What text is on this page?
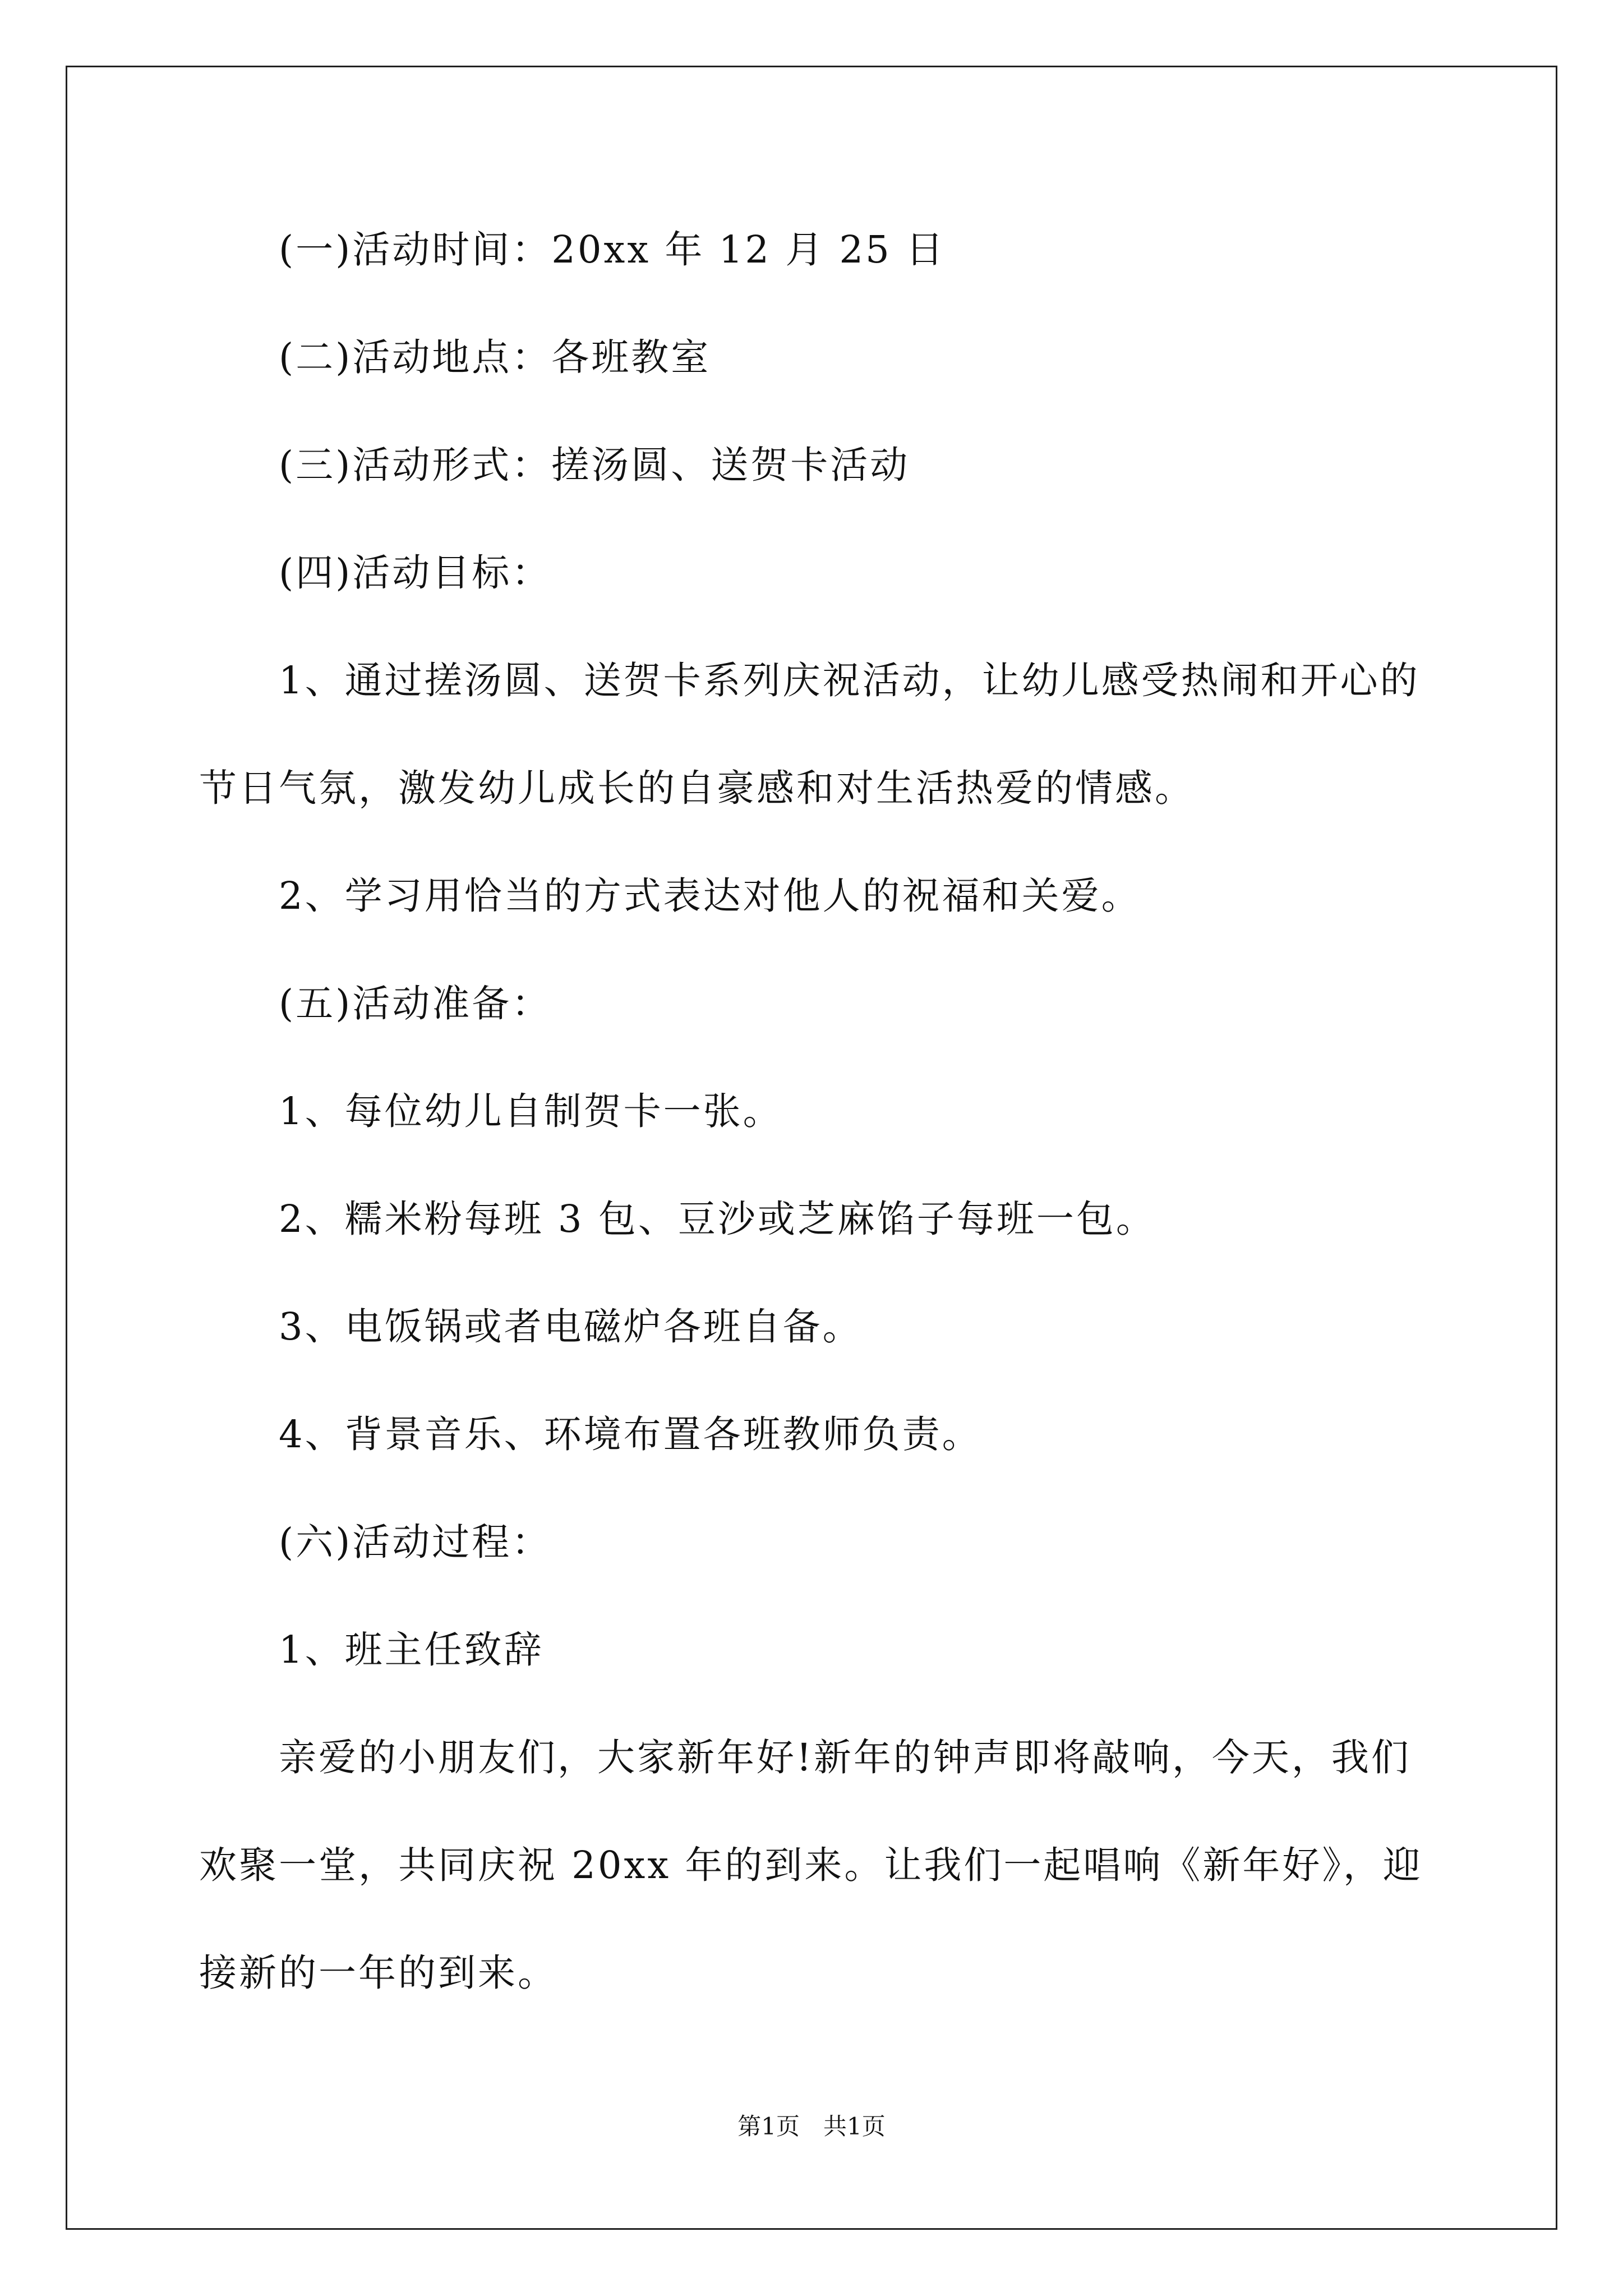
(一)活动时间：20xx 年 12 月 25 日
(二)活动地点：各班教室
(三)活动形式：搓汤圆、送贺卡活动
(四)活动目标：
1、通过搓汤圆、送贺卡系列庆祝活动，让幼儿感受热闹和开心的
节日气氛，激发幼儿成长的自豪感和对生活热爱的情感。
2、学习用恰当的方式表达对他人的祝福和关爱。
(五)活动准备：
1、每位幼儿自制贺卡一张。
2、糯米粉每班 3 包、豆沙或芝麻馅子每班一包。
3、电饭锅或者电磁炉各班自备。
4、背景音乐、环境布置各班教师负责。
(六)活动过程：
1、班主任致辞
亲爱的小朋友们，大家新年好!新年的钟声即将敲响，今天，我们
欢聚一堂，共同庆祝 20xx 年的到来。让我们一起唱响《新年好》，迎
接新的一年的到来。
第1页　共1页
